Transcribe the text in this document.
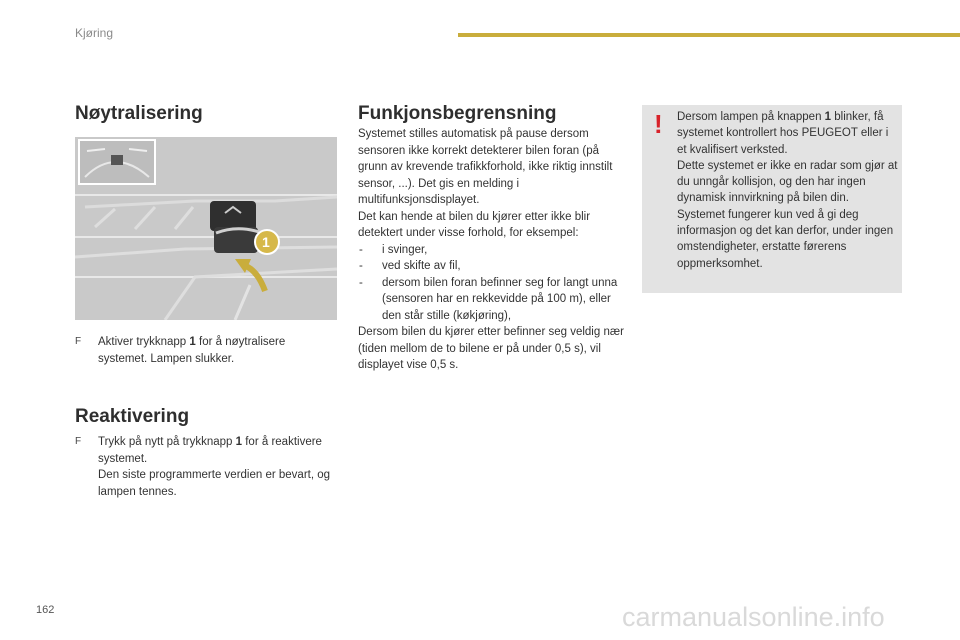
Kjøring
Nøytralisering
1
F Aktiver trykknapp 1 for å nøytralisere systemet. Lampen slukker.
Reaktivering
F Trykk på nytt på trykknapp 1 for å reaktivere systemet.
Den siste programmerte verdien er bevart, og lampen tennes.
Funkjonsbegrensning

Systemet stilles automatisk på pause dersom sensoren ikke korrekt detekterer bilen foran (på grunn av krevende trafikkforhold, ikke riktig innstilt sensor, ...). Det gis en melding i multifunksjonsdisplayet.

Det kan hende at bilen du kjører etter ikke blir detektert under visse forhold, for eksempel:

- i svinger,
- ved skifte av fil,
- dersom bilen foran befinner seg for langt unna (sensoren har en rekkevidde på 100 m), eller den står stille (køkjøring),

Dersom bilen du kjører etter befinner seg veldig nær (tiden mellom de to bilene er på under 0,5 s), vil displayet vise 0,5 s.

! Dersom lampen på knappen 1 blinker, få systemet kontrollert hos PEUGEOT eller i et kvalifisert verksted.
Dette systemet er ikke en radar som gjør at du unngår kollisjon, og den har ingen dynamisk innvirkning på bilen din. Systemet fungerer kun ved å gi deg informasjon og det kan derfor, under ingen omstendigheter, erstatte førerens oppmerksomhet.
162	carmanualsonline.info
